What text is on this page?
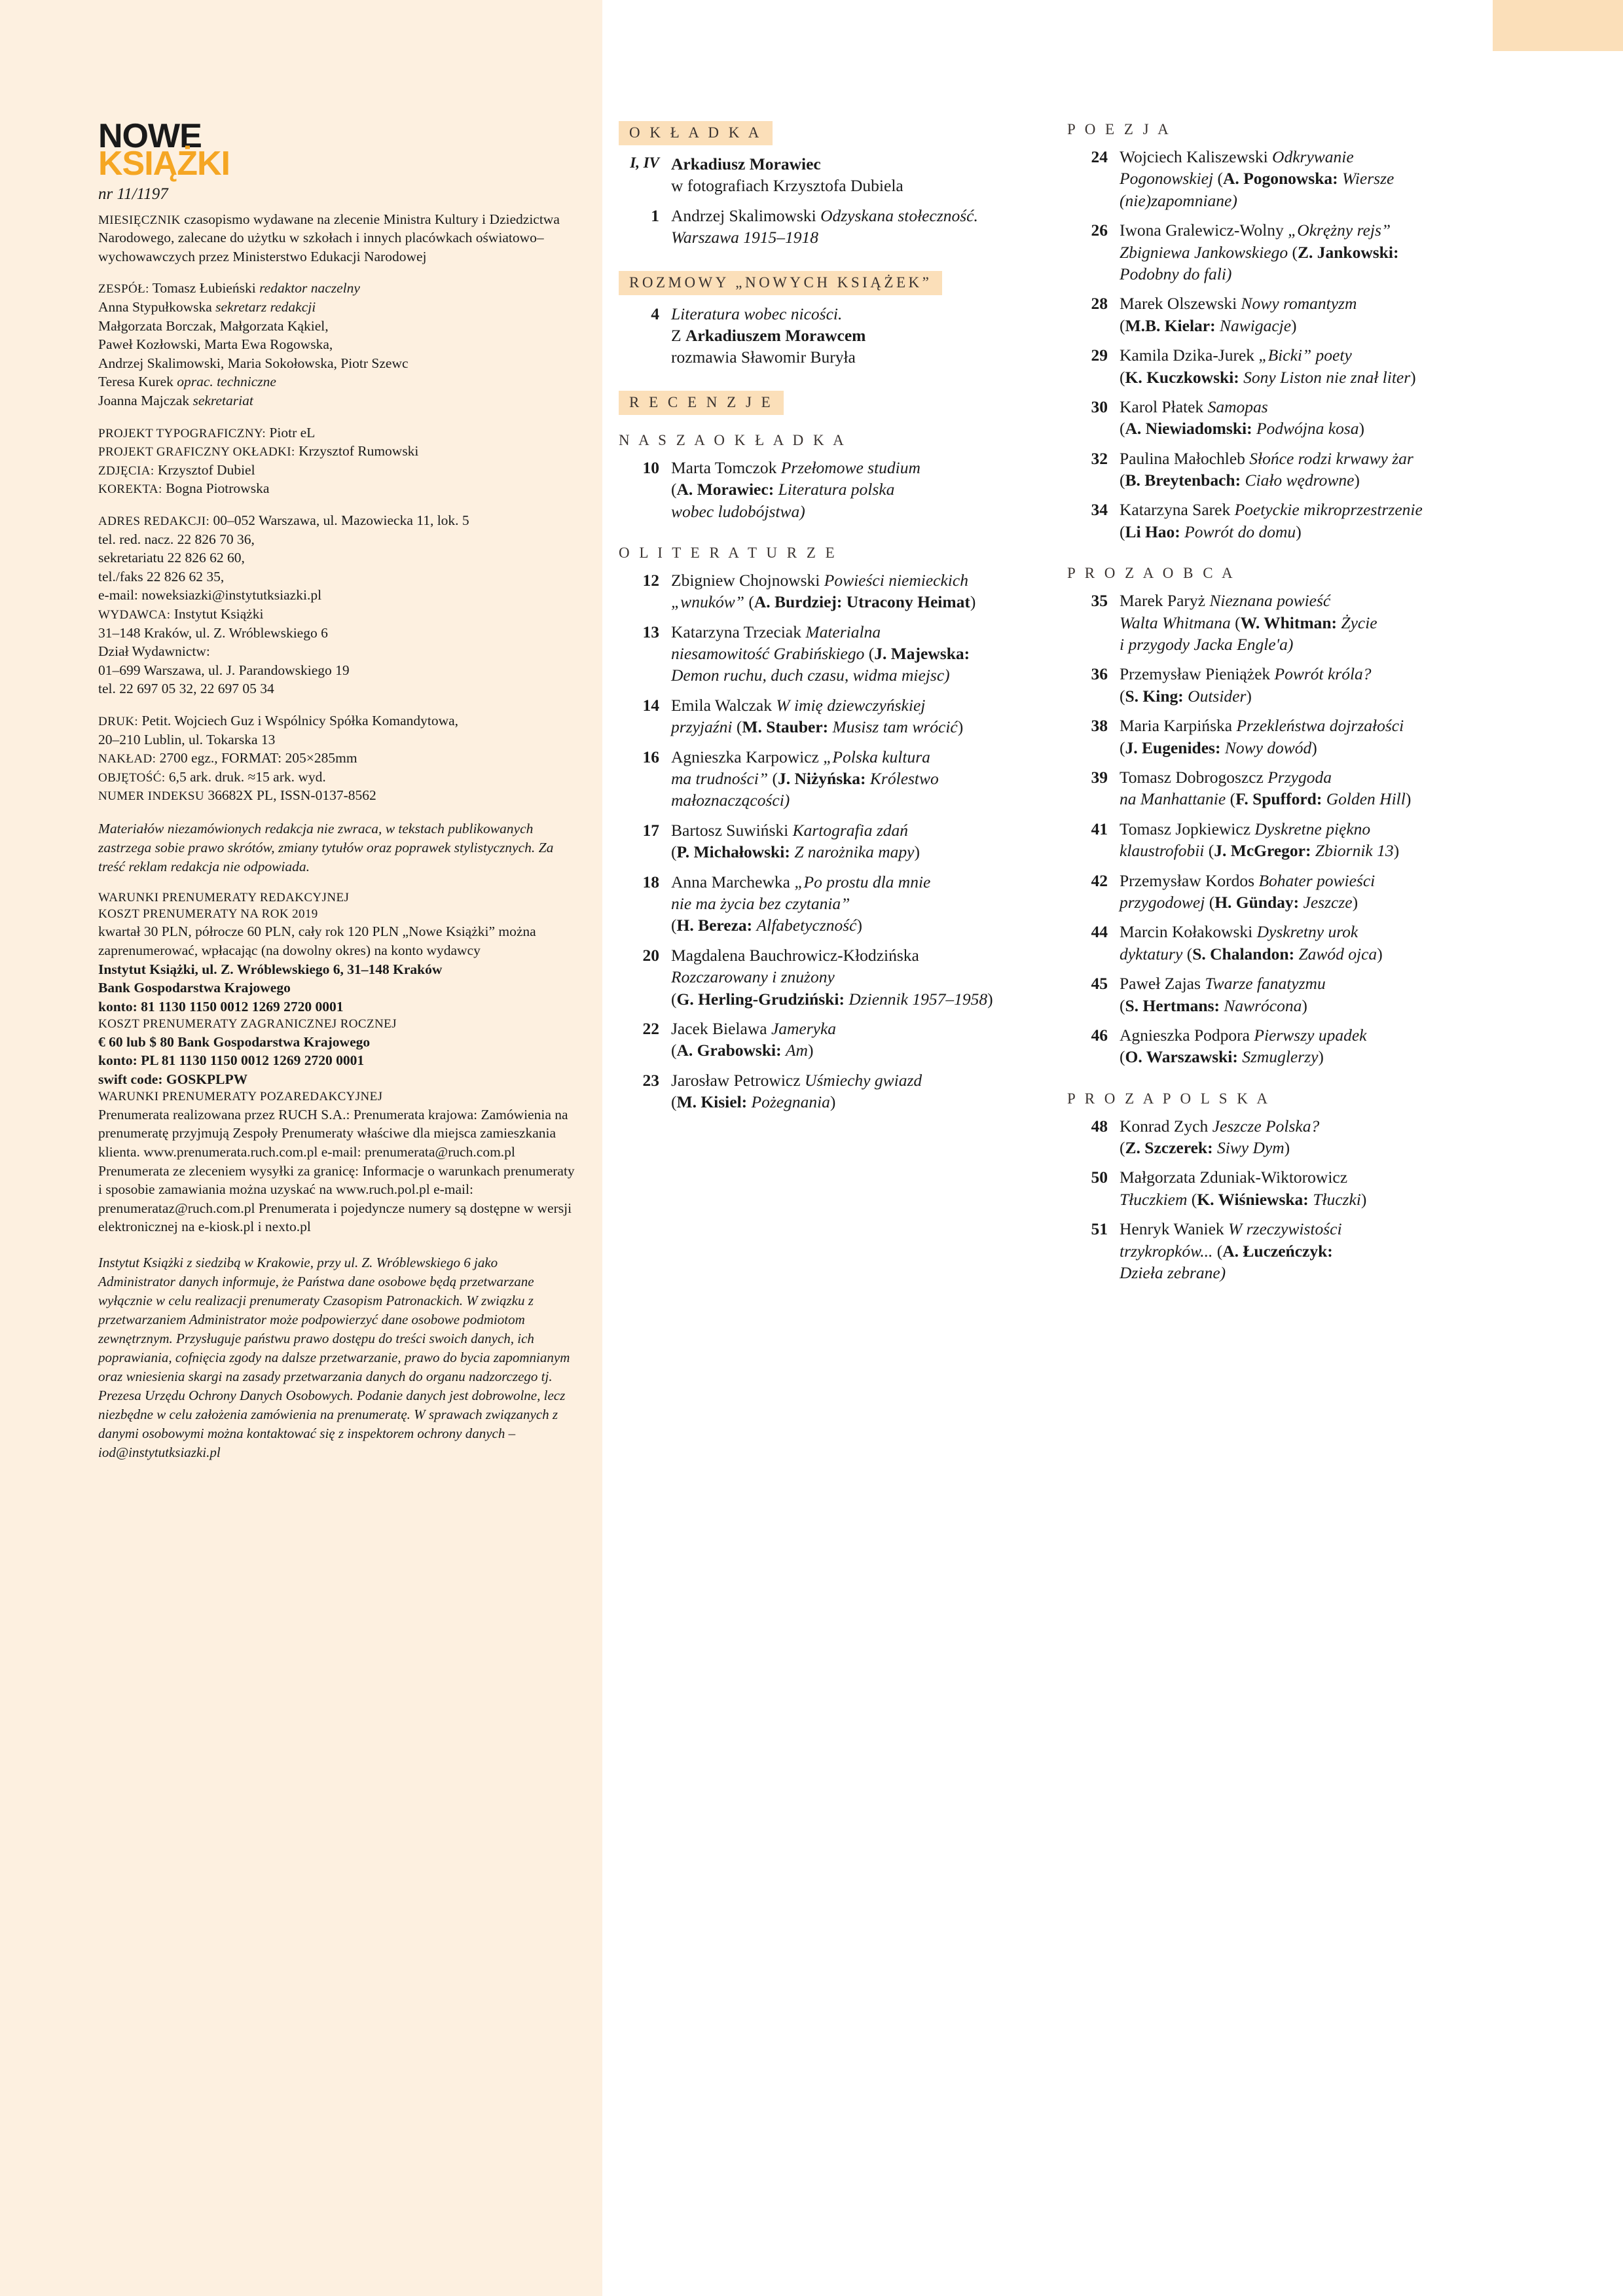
NOWE
KSIĄŻKI
nr 11/1197

MIESIĘCZNIK czasopismo wydawane na zlecenie Ministra Kultury i Dziedzictwa Narodowego, zalecane do użytku w szkołach i innych placówkach oświatowo–wychowawczych przez Ministerstwo Edukacji Narodowej

ZESPÓŁ: Tomasz Łubieński redaktor naczelny

Anna Stypułkowska sekretarz redakcji

Małgorzata Borczak, Małgorzata Kąkiel,

Paweł Kozłowski, Marta Ewa Rogowska,

Andrzej Skalimowski, Maria Sokołowska, Piotr Szewc

Teresa Kurek oprac. techniczne

Joanna Majczak sekretariat

PROJEKT TYPOGRAFICZNY: Piotr eL

PROJEKT GRAFICZNY OKŁADKI: Krzysztof Rumowski

ZDJĘCIA: Krzysztof Dubiel

KOREKTA: Bogna Piotrowska

ADRES REDAKCJI: 00–052 Warszawa, ul. Mazowiecka 11, lok. 5

tel. red. nacz. 22 826 70 36,

sekretariatu 22 826 62 60,

tel./faks 22 826 62 35,

e-mail: noweksiazki@instytutksiazki.pl

WYDAWCA: Instytut Książki

31–148 Kraków, ul. Z. Wróblewskiego 6

Dział Wydawnictw:

01–699 Warszawa, ul. J. Parandowskiego 19

tel. 22 697 05 32, 22 697 05 34

DRUK: Petit. Wojciech Guz i Wspólnicy Spółka Komandytowa,

20–210 Lublin, ul. Tokarska 13

NAKŁAD: 2700 egz., FORMAT: 205×285mm

OBJĘTOŚĆ: 6,5 ark. druk. ≈15 ark. wyd.

NUMER INDEKSU 36682X PL, ISSN-0137-8562

Materiałów niezamówionych redakcja nie zwraca, w tekstach publikowanych zastrzega sobie prawo skrótów, zmiany tytułów oraz poprawek stylistycznych. Za treść reklam redakcja nie odpowiada.

WARUNKI PRENUMERATY REDAKCYJNEJ

KOSZT PRENUMERATY NA ROK 2019

kwartał 30 PLN, półrocze 60 PLN, cały rok 120 PLN „Nowe Książki” można zaprenumerować, wpłacając (na dowolny okres) na konto wydawcy

Instytut Książki, ul. Z. Wróblewskiego 6, 31–148 Kraków

Bank Gospodarstwa Krajowego

konto: 81 1130 1150 0012 1269 2720 0001

KOSZT PRENUMERATY ZAGRANICZNEJ ROCZNEJ

€ 60 lub $ 80 Bank Gospodarstwa Krajowego

konto: PL 81 1130 1150 0012 1269 2720 0001

swift code: GOSKPLPW

WARUNKI PRENUMERATY POZAREDAKCYJNEJ

Prenumerata realizowana przez RUCH S.A.: Prenumerata krajowa: Zamówienia na prenumeratę przyjmują Zespoły Prenumeraty właściwe dla miejsca zamieszkania klienta. www.prenumerata.ruch.com.pl e-mail: prenumerata@ruch.com.pl Prenumerata ze zleceniem wysyłki za granicę: Informacje o warunkach prenumeraty i sposobie zamawiania można uzyskać na www.ruch.pol.pl e-mail: prenumerataz@ruch.com.pl Prenumerata i pojedyncze numery są dostępne w wersji elektronicznej na e-kiosk.pl i nexto.pl

Instytut Książki z siedzibą w Krakowie, przy ul. Z. Wróblewskiego 6 jako Administrator danych informuje, że Państwa dane osobowe będą przetwarzane wyłącznie w celu realizacji prenumeraty Czasopism Patronackich. W związku z przetwarzaniem Administrator może podpowierzyć dane osobowe podmiotom zewnętrznym. Przysługuje państwu prawo dostępu do treści swoich danych, ich poprawiania, cofnięcia zgody na dalsze przetwarzanie, prawo do bycia zapomnianym oraz wniesienia skargi na zasady przetwarzania danych do organu nadzorczego tj. Prezesa Urzędu Ochrony Danych Osobowych. Podanie danych jest dobrowolne, lecz niezbędne w celu założenia zamówienia na prenumeratę. W sprawach związanych z danymi osobowymi można kontaktować się z inspektorem ochrony danych – iod@instytutksiazki.pl
O K Ł A D K A
I, IV Arkadiusz Morawiec
w fotografiach Krzysztofa Dubiela
1 Andrzej Skalimowski Odzyskana stołeczność.
Warszawa 1915–1918
ROZMOWY „NOWYCH KSIĄŻEK”
4 Literatura wobec nicości.
Z Arkadiuszem Morawcem
rozmawia Sławomir Buryła
R E C E N Z J E
N A S Z A O K Ł A D K A
10 Marta Tomczok Przełomowe studium
(A. Morawiec: Literatura polska
wobec ludobójstwa)
O L I T E R A T U R Z E
12 Zbigniew Chojnowski Powieści niemieckich
„wnuków” (A. Burdziej: Utracony Heimat)
13 Katarzyna Trzeciak Materialna
niesamowitość Grabińskiego (J. Majewska:
Demon ruchu, duch czasu, widma miejsc)
14 Emila Walczak W imię dziewczyńskiej
przyjaźni (M. Stauber: Musisz tam wrócić)
16 Agnieszka Karpowicz „Polska kultura
ma trudności” (J. Niżyńska: Królestwo
małoznaczącości)
17 Bartosz Suwiński Kartografia zdań
(P. Michałowski: Z narożnika mapy)
18 Anna Marchewka „Po prostu dla mnie
nie ma życia bez czytania”
(H. Bereza: Alfabetyczność)
20 Magdalena Bauchrowicz-Kłodzińska
Rozczarowany i znużony
(G. Herling-Grudziński: Dziennik 1957–1958)
22 Jacek Bielawa Jameryka
(A. Grabowski: Am)
23 Jarosław Petrowicz Uśmiechy gwiazd
(M. Kisiel: Pożegnania)
P O E Z J A
24 Wojciech Kaliszewski Odkrywanie
Pogonowskiej (A. Pogonowska: Wiersze
(nie)zapomniane)
26 Iwona Gralewicz-Wolny „Okrężny rejs”
Zbigniewa Jankowskiego (Z. Jankowski:
Podobny do fali)
28 Marek Olszewski Nowy romantyzm
(M.B. Kielar: Nawigacje)
29 Kamila Dzika-Jurek „Bicki” poety
(K. Kuczkowski: Sony Liston nie znał liter)
30 Karol Płatek Samopas
(A. Niewiadomski: Podwójna kosa)
32 Paulina Małochleb Słońce rodzi krwawy żar
(B. Breytenbach: Ciało wędrowne)
34 Katarzyna Sarek Poetyckie mikroprzestrzenie
(Li Hao: Powrót do domu)
P R O Z A O B C A
35 Marek Paryż Nieznana powieść
Walta Whitmana (W. Whitman: Życie
i przygody Jacka Engle'a)
36 Przemysław Pieniążek Powrót króla?
(S. King: Outsider)
38 Maria Karpińska Przekleństwa dojrzałości
(J. Eugenides: Nowy dowód)
39 Tomasz Dobrogoszcz Przygoda
na Manhattanie (F. Spufford: Golden Hill)
41 Tomasz Jopkiewicz Dyskretne piękno
klaustrofobii (J. McGregor: Zbiornik 13)
42 Przemysław Kordos Bohater powieści
przygodowej (H. Günday: Jeszcze)
44 Marcin Kołakowski Dyskretny urok
dyktatury (S. Chalandon: Zawód ojca)
45 Paweł Zajas Twarze fanatyzmu
(S. Hertmans: Nawrócona)
46 Agnieszka Podpora Pierwszy upadek
(O. Warszawski: Szmuglerzy)
P R O Z A P O L S K A
48 Konrad Zych Jeszcze Polska?
(Z. Szczerek: Siwy Dym)
50 Małgorzata Zduniak-Wiktorowicz
Tłuczkiem (K. Wiśniewska: Tłuczki)
51 Henryk Waniek W rzeczywistości
trzykropków... (A. Łuczeńczyk:
Dzieła zebrane)
